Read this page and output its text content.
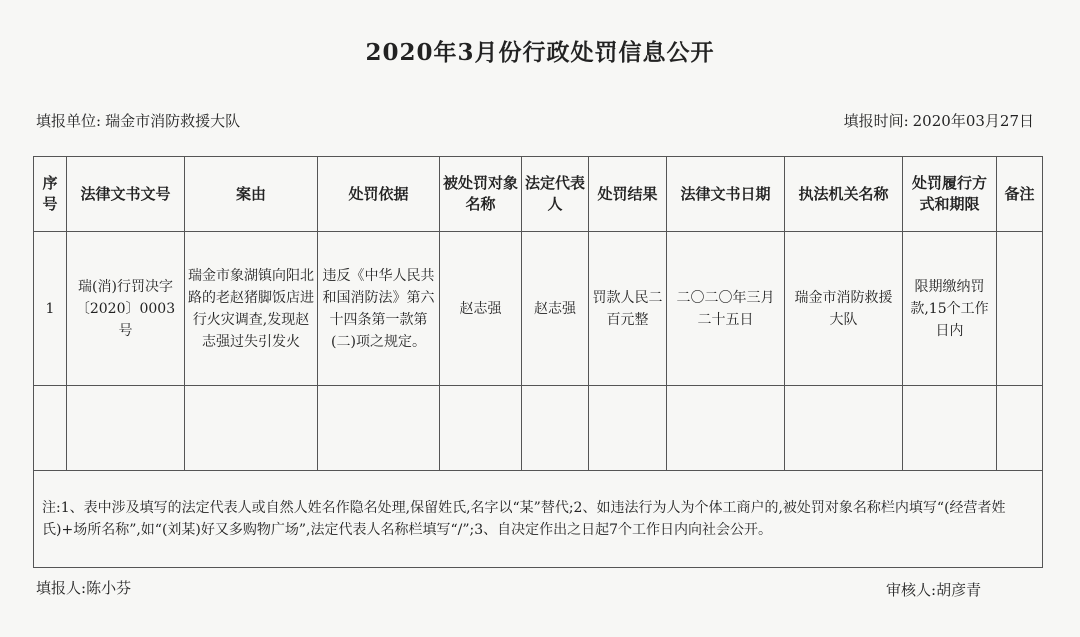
2020年3月份行政处罚信息公开
填报单位: 瑞金市消防救援大队	填报时间: 2020年03月27日
序号	法律文书文号	案由	处罚依据	被处罚对象名称	法定代表人	处罚结果	法律文书日期	执法机关名称	处罚履行方式和期限	备注
1	瑞(消)行罚决字〔2020〕0003号	瑞金市象湖镇向阳北路的老赵猪脚饭店进行火灾调查,发现赵志强过失引发火	违反《中华人民共和国消防法》第六十四条第一款第(二)项之规定。	赵志强	赵志强	罚款人民二百元整	二〇二〇年三月二十五日	瑞金市消防救援大队	限期缴纳罚款,15个工作日内	

注:1、表中涉及填写的法定代表人或自然人姓名作隐名处理,保留姓氏,名字以“某”替代;2、如违法行为人为个体工商户的,被处罚对象名称栏内填写“(经营者姓氏)+场所名称”,如“(刘某)好又多购物广场”,法定代表人名称栏填写“/”;3、自决定作出之日起7个工作日内向社会公开。										
填报人:陈小芬	审核人:胡彦青
